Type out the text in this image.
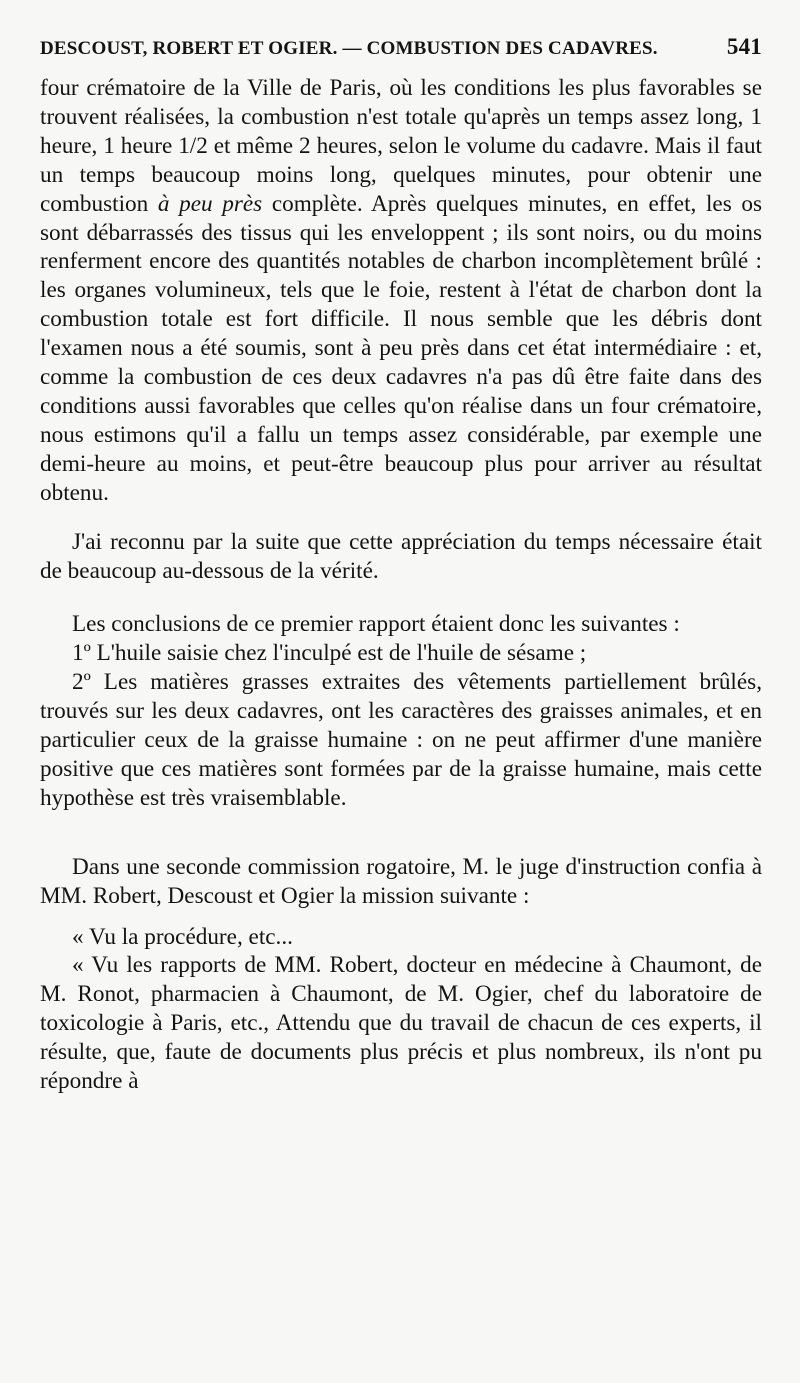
DESCOUST, ROBERT ET OGIER. — COMBUSTION DES CADAVRES.	541

four crématoire de la Ville de Paris, où les conditions les plus favorables se trouvent réalisées, la combustion n'est totale qu'après un temps assez long, 1 heure, 1 heure 1/2 et même 2 heures, selon le volume du cadavre. Mais il faut un temps beaucoup moins long, quelques minutes, pour obtenir une combustion à peu près complète. Après quelques minutes, en effet, les os sont débarrassés des tissus qui les enveloppent ; ils sont noirs, ou du moins renferment encore des quantités notables de charbon incomplètement brûlé : les organes volumineux, tels que le foie, restent à l'état de charbon dont la combustion totale est fort difficile. Il nous semble que les débris dont l'examen nous a été soumis, sont à peu près dans cet état intermédiaire : et, comme la combustion de ces deux cadavres n'a pas dû être faite dans des conditions aussi favorables que celles qu'on réalise dans un four crématoire, nous estimons qu'il a fallu un temps assez considérable, par exemple une demi-heure au moins, et peut-être beaucoup plus pour arriver au résultat obtenu.

J'ai reconnu par la suite que cette appréciation du temps nécessaire était de beaucoup au-dessous de la vérité.

Les conclusions de ce premier rapport étaient donc les suivantes :

1º L'huile saisie chez l'inculpé est de l'huile de sésame ;

2º Les matières grasses extraites des vêtements partiellement brûlés, trouvés sur les deux cadavres, ont les caractères des graisses animales, et en particulier ceux de la graisse humaine : on ne peut affirmer d'une manière positive que ces matières sont formées par de la graisse humaine, mais cette hypothèse est très vraisemblable.

Dans une seconde commission rogatoire, M. le juge d'instruction confia à MM. Robert, Descoust et Ogier la mission suivante :

« Vu la procédure, etc...

« Vu les rapports de MM. Robert, docteur en médecine à Chaumont, de M. Ronot, pharmacien à Chaumont, de M. Ogier, chef du laboratoire de toxicologie à Paris, etc., Attendu que du travail de chacun de ces experts, il résulte, que, faute de documents plus précis et plus nombreux, ils n'ont pu répondre à
